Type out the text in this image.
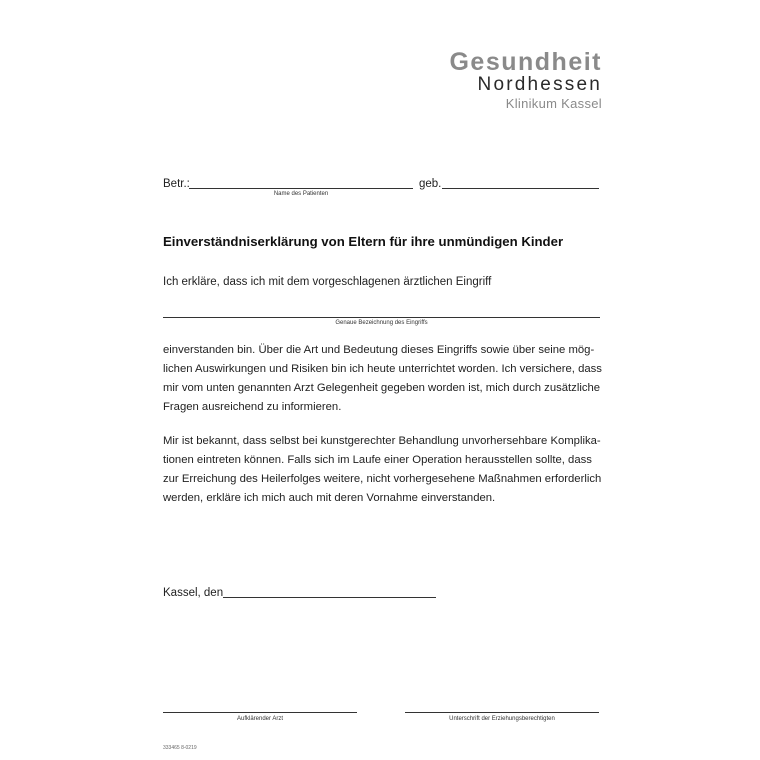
Gesundheit
Nordhessen
Klinikum Kassel
Betr.:
Name des Patienten
geb.
Einverständniserklärung von Eltern für ihre unmündigen Kinder
Ich erkläre, dass ich mit dem vorgeschlagenen ärztlichen Eingriff
Genaue Bezeichnung des Eingriffs
einverstanden bin. Über die Art und Bedeutung dieses Eingriffs sowie über seine mög-
lichen Auswirkungen und Risiken bin ich heute unterrichtet worden. Ich versichere, dass
mir vom unten genannten Arzt Gelegenheit gegeben worden ist, mich durch zusätzliche
Fragen ausreichend zu informieren.
Mir ist bekannt, dass selbst bei kunstgerechter Behandlung unvorhersehbare Komplika-
tionen eintreten können. Falls sich im Laufe einer Operation herausstellen sollte, dass
zur Erreichung des Heilerfolges weitere, nicht vorhergesehene Maßnahmen erforderlich
werden, erkläre ich mich auch mit deren Vornahme einverstanden.
Kassel, den
Aufklärender Arzt	Unterschrift der Erziehungsberechtigten
333465 8-0219
